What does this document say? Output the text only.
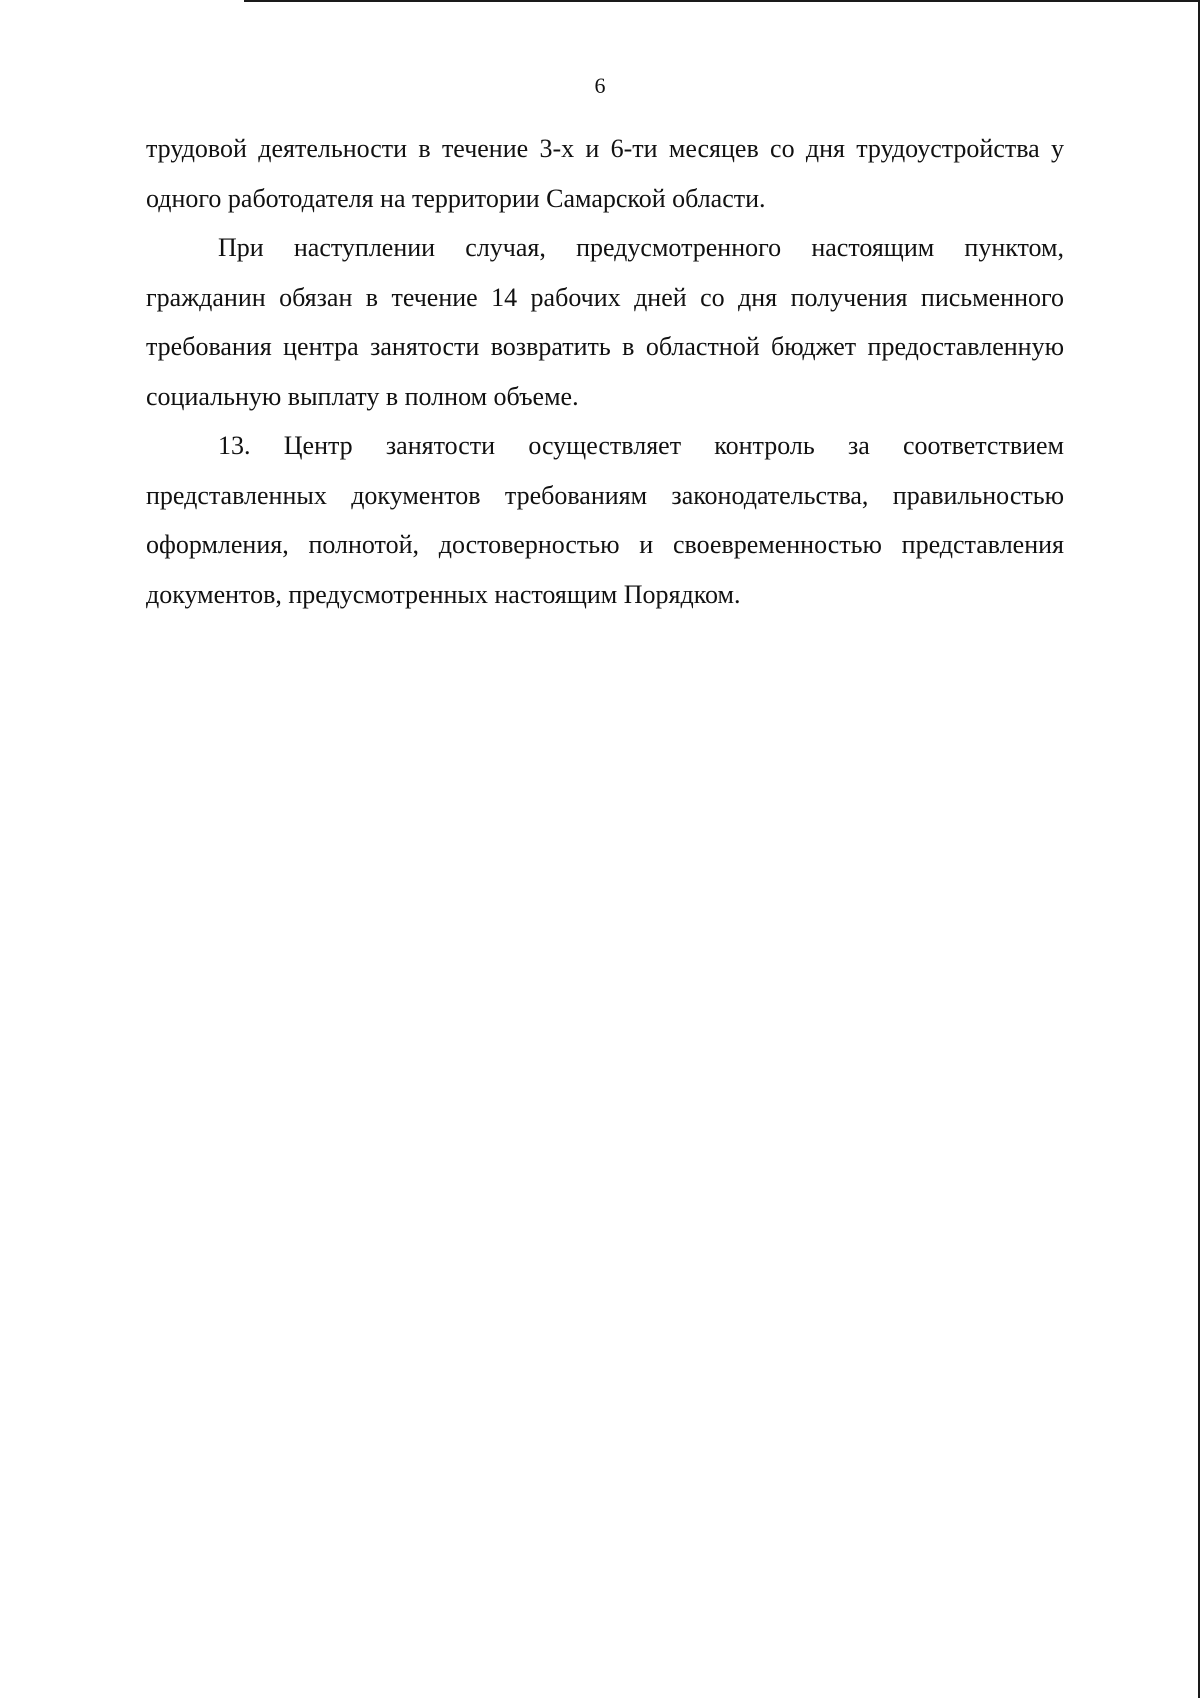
6

трудовой деятельности в течение 3-х и 6-ти месяцев со дня трудоустройства у одного работодателя на территории Самарской области.

При наступлении случая, предусмотренного настоящим пунктом, гражданин обязан в течение 14 рабочих дней со дня получения письменного требования центра занятости возвратить в областной бюджет предоставленную социальную выплату в полном объеме.

13. Центр занятости осуществляет контроль за соответствием представленных документов требованиям законодательства, правильностью оформления, полнотой, достоверностью и своевременностью представления документов, предусмотренных настоящим Порядком.
